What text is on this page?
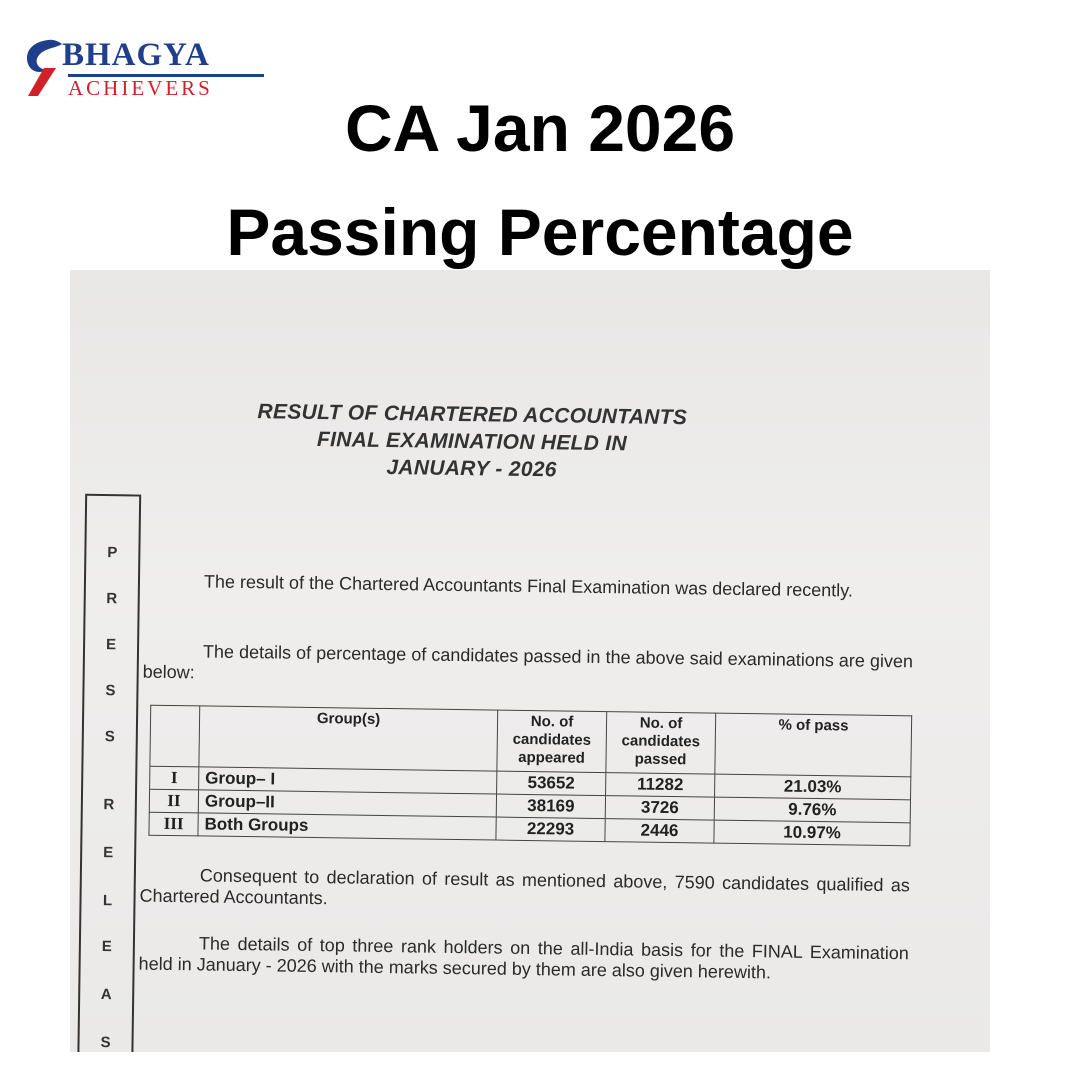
BHAGYA
ACHIEVERS
CA Jan 2026
Passing Percentage
RESULT OF CHARTERED ACCOUNTANTS
FINAL EXAMINATION HELD IN
JANUARY - 2026
P
R
E
S
S
R
E
L
E
A
S
The result of the Chartered Accountants Final Examination was declared recently.
The details of percentage of candidates passed in the above said examinations are given below:
	Group(s)	No. of candidates appeared	No. of candidates passed	% of pass
I	Group– I	53652	11282	21.03%
II	Group–II	38169	3726	9.76%
III	Both Groups	22293	2446	10.97%
Consequent to declaration of result as mentioned above, 7590 candidates qualified as Chartered Accountants.
The details of top three rank holders on the all-India basis for the FINAL Examination held in January - 2026 with the marks secured by them are also given herewith.
